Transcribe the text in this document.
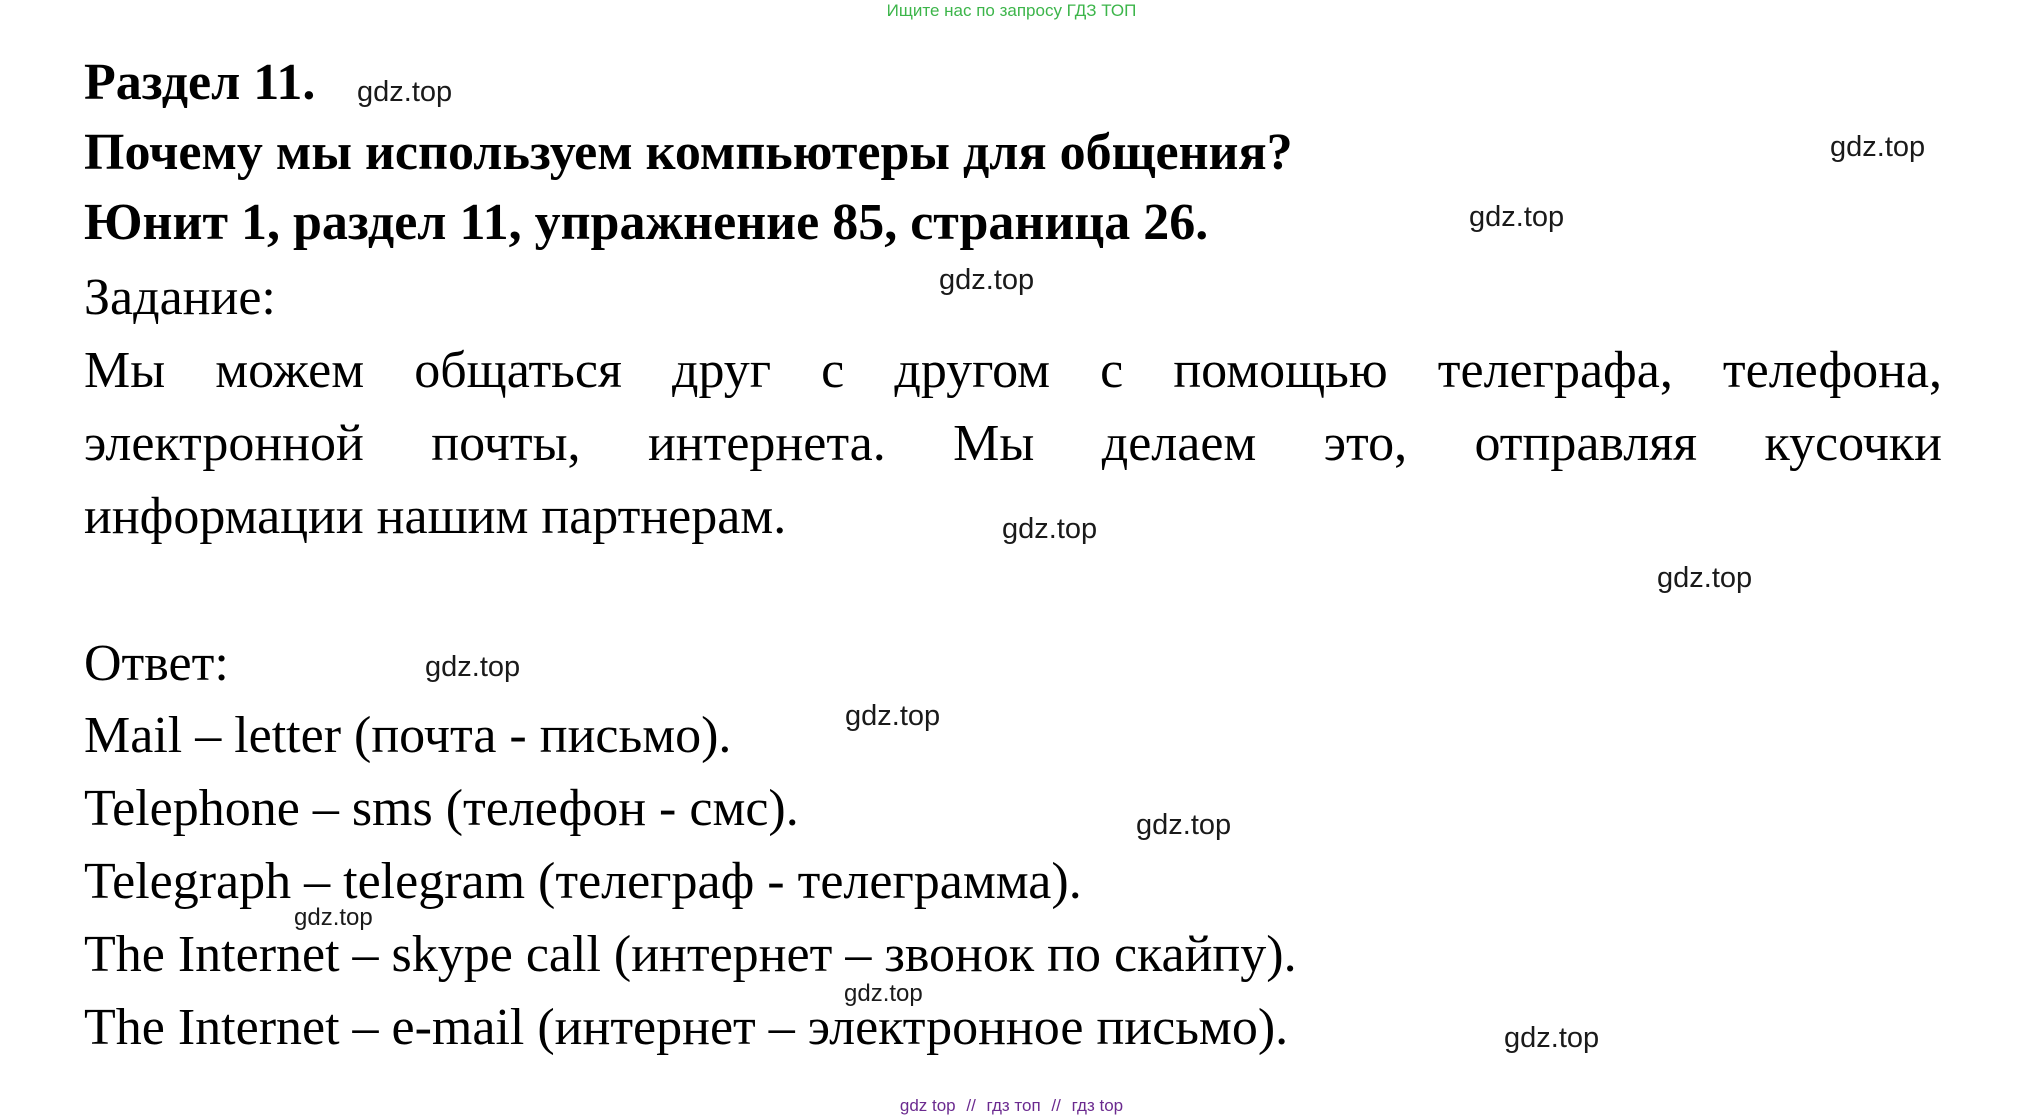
Ищите нас по запросу ГДЗ ТОП
Раздел 11.
Почему мы используем компьютеры для общения?
Юнит 1, раздел 11, упражнение 85, страница 26.
Задание:
Мы можем общаться друг с другом с помощью телеграфа, телефона,
электронной почты, интернета. Мы делаем это, отправляя кусочки
информации нашим партнерам.
Ответ:
Mail – letter (почта - письмо).
Telephone – sms (телефон - смс).
Telegraph – telegram (телеграф - телеграмма).
The Internet – skype call (интернет – звонок по скайпу).
The Internet – e-mail (интернет – электронное письмо).
gdz.top
gdz.top
gdz.top
gdz.top
gdz.top
gdz.top
gdz.top
gdz.top
gdz.top
gdz.top
gdz.top
gdz.top
gdz top // гдз топ // гдз top
